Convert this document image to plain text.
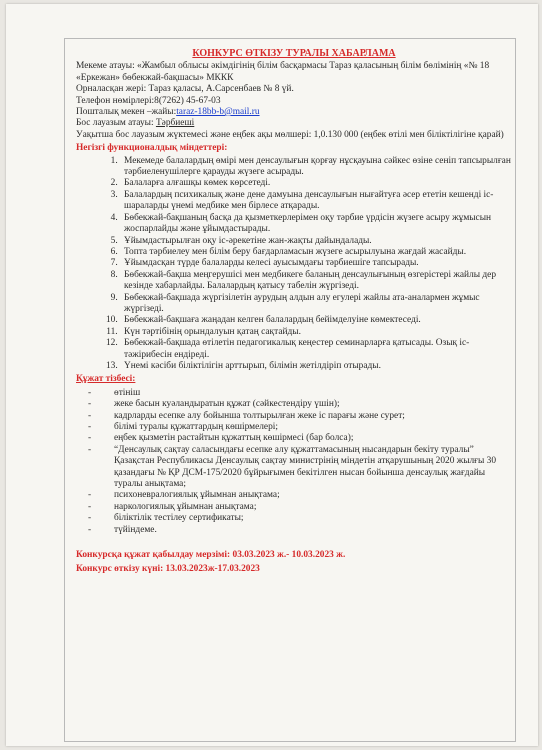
КОНКУРС ӨТКІЗУ ТУРАЛЫ ХАБАРЛАМА

Мекеме атауы: «Жамбыл облысы әкімдігінің білім басқармасы Тараз қаласының білім бөлімінің «№ 18 «Еркежан» бөбекжай-бақшасы» МККК

Орналасқан жері: Тараз қаласы, А.Сарсенбаев № 8 үй.

Телефон нөмірлері:8(7262) 45-67-03

Пошталық мекен –жайы:taraz-18bb-b@mail.ru

Бос лауазым атауы: Тәрбиеші

Уақытша бос лауазым жүктемесі және еңбек ақы мөлшері: 1,0.130 000 (еңбек өтілі мен біліктілігіне қарай)

Негізгі функционалдық міндеттері:
1. Мекемеде балалардың өмірі мен денсаулығын қорғау нұсқауына сәйкес өзіне сеніп тапсырылған тәрбиеленушілерге қарауды жүзеге асырады.
2. Балаларға алғашқы көмек көрсетеді.
3. Балалардың психикалық және дене дамуына денсаулығын нығайтуға әсер ететін кешенді іс-шараларды үнемі медбике мен бірлесе атқарады.
4. Бөбекжай-бақшаның басқа да қызметкерлерімен оқу тәрбие үрдісін жүзеге асыру жұмысын жоспарлайды және ұйымдастырады.
5. Ұйымдастырылған оқу іс-әрекетіне жан-жақты дайындалады.
6. Топта тәрбиелеу мен білім беру бағдарламасын жүзеге асырылуына жағдай жасайды.
7. Ұйымдасқан түрде балаларды келесі ауысымдағы тәрбиешіге тапсырады.
8. Бөбекжай-бақша меңгерушісі мен медбикеге баланың денсаулығының өзгерістері жайлы дер кезінде хабарлайды. Балалардың қатысу табелін жүргізеді.
9. Бөбекжай-бақшада жүргізілетін аурудың алдын алу егулері жайлы ата-аналармен жұмыс жүргізеді.
10. Бөбекжай-бақшаға жаңадан келген балалардың бейімделуіне көмектеседі.
11. Күн тәртібінің орындалуын қатаң сақтайды.
12. Бөбекжай-бақшада өтілетін педагогикалық кеңестер семинарларға қатысады. Озық іс-тәжірибесін ендіреді.
13. Үнемі кәсіби біліктілігін арттырып, білімін жетілдіріп отырады.
Құжат тізбесі:
- өтініш
- жеке басын куәландыратын құжат (сәйкестендіру үшін);
- кадрларды есепке алу бойынша толтырылған жеке іс парағы және сурет;
- білімі туралы құжаттардың көшірмелері;
- еңбек қызметін растайтын құжаттың көшірмесі (бар болса);
- “Денсаулық сақтау саласындағы есепке алу құжаттамасының нысандарын бекіту туралы” Қазақстан Республикасы Денсаулық сақтау министрінің міндетін атқарушының 2020 жылғы 30 қазандағы № ҚР ДСМ-175/2020 бұйрығымен бекітілген нысан бойынша денсаулық жағдайы туралы анықтама;
- психоневралогиялық ұйымнан анықтама;
- наркологиялық ұйымнан анықтама;
- біліктілік тестілеу сертификаты;
- түйіндеме.
Конкурсқа құжат қабылдау мерзімі: 03.03.2023 ж.- 10.03.2023 ж.
Конкурс өткізу күні: 13.03.2023ж-17.03.2023
